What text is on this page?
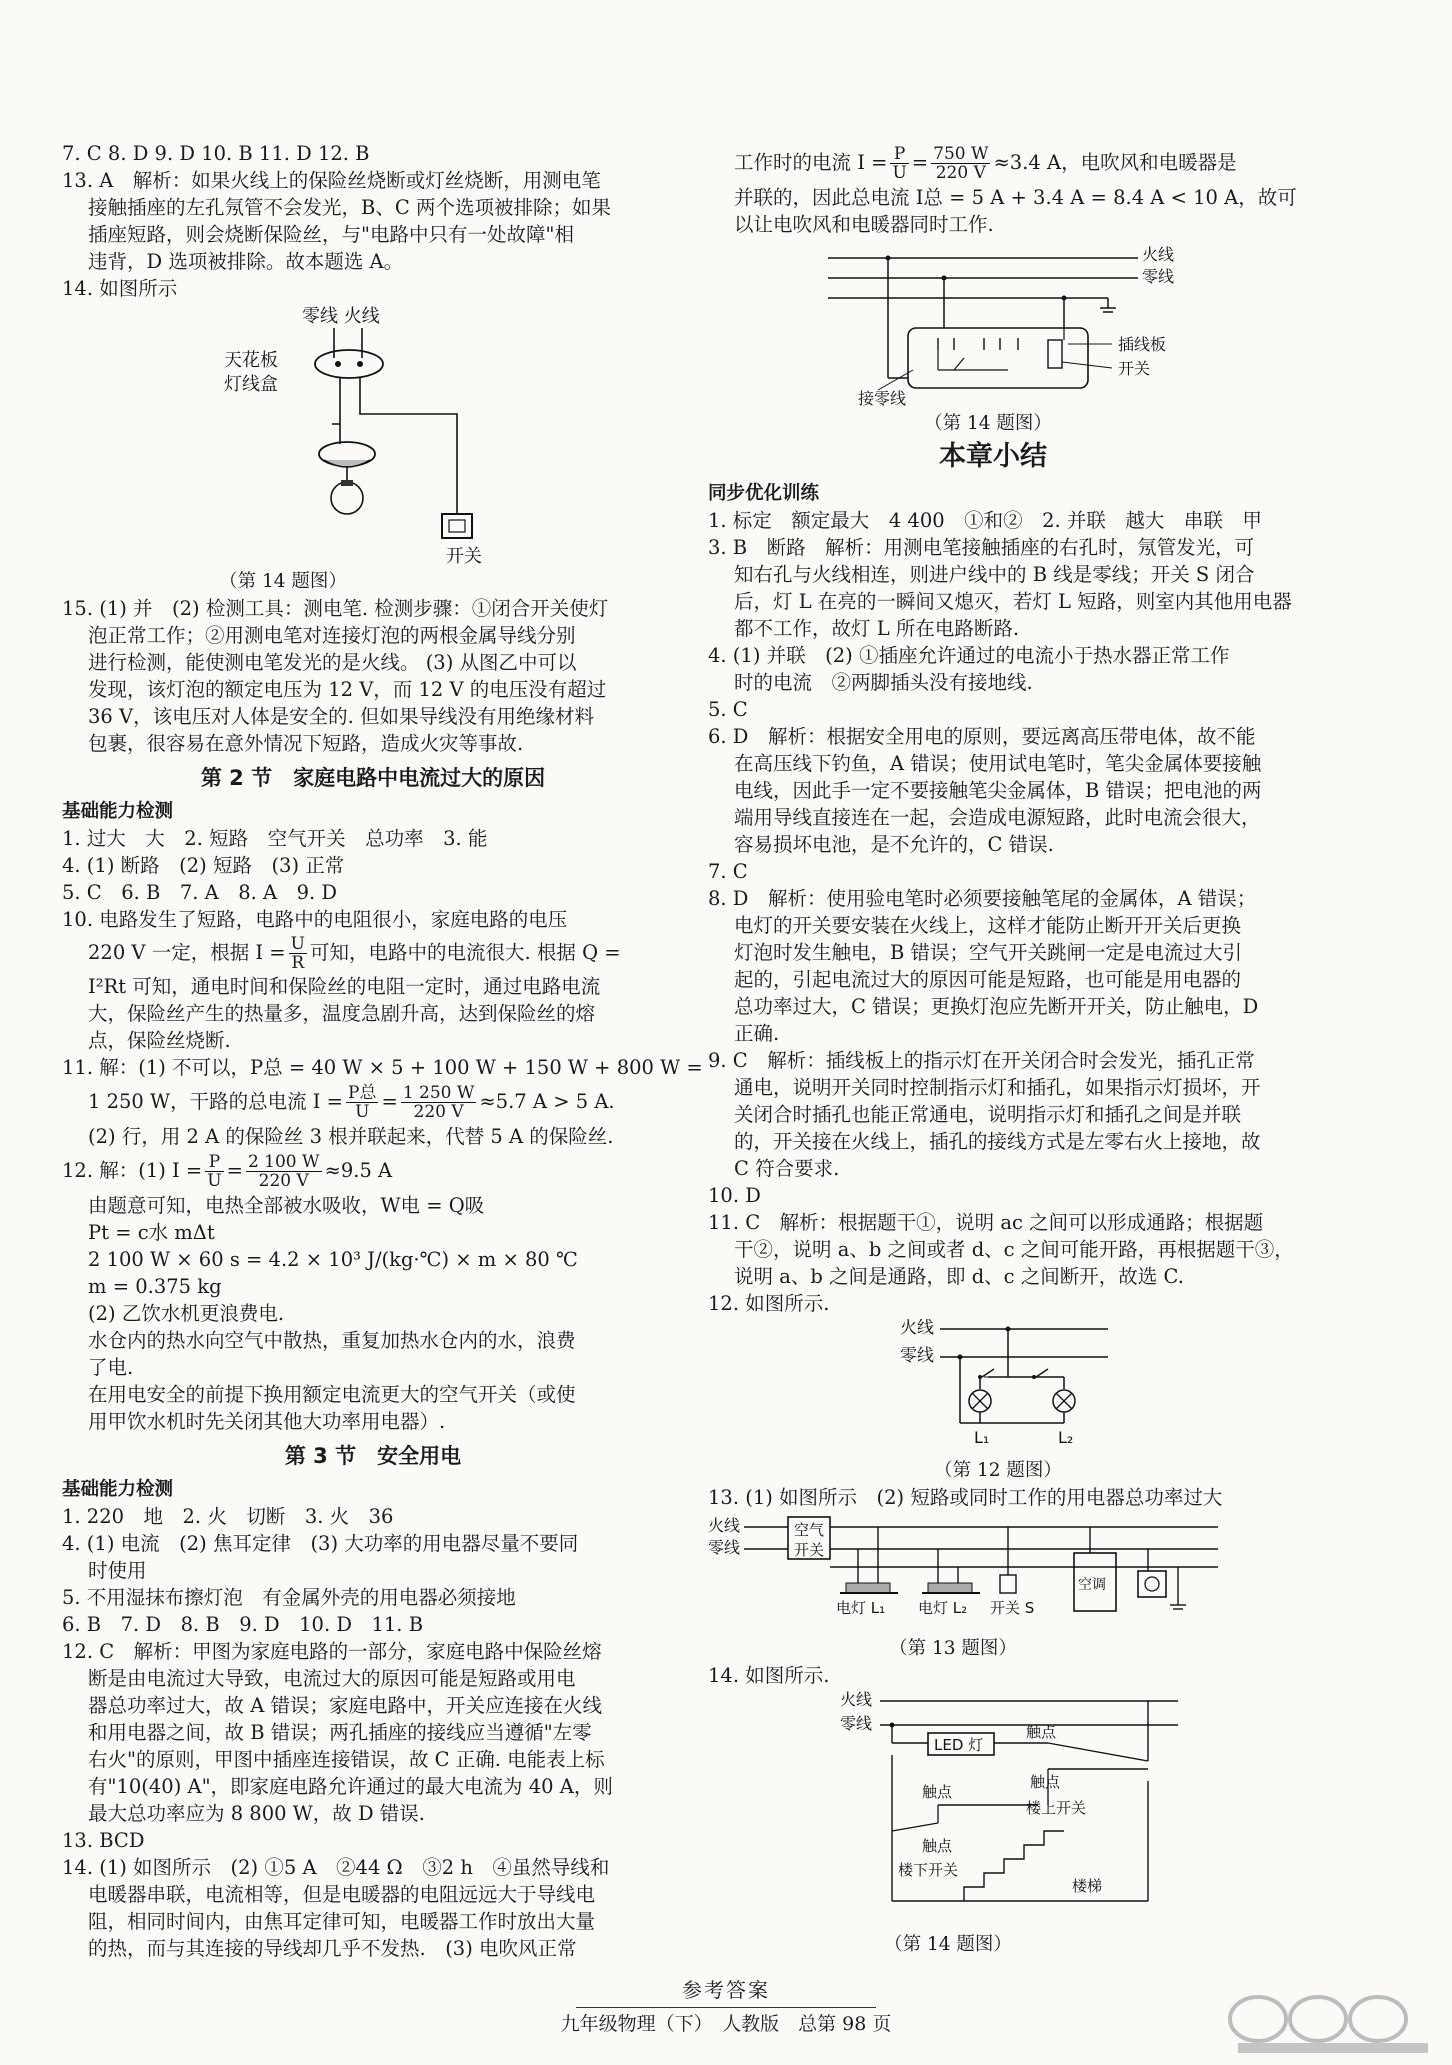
7. C 8. D 9. D 10. B 11. D 12. B
13. A　解析：如果火线上的保险丝烧断或灯丝烧断，用测电笔
接触插座的左孔氖管不会发光，B、C 两个选项被排除；如果
插座短路，则会烧断保险丝，与"电路中只有一处故障"相
违背，D 选项被排除。故本题选 A。
14. 如图所示
零线 火线
天花板
灯线盒
开关
（第 14 题图）
15. (1) 并　(2) 检测工具：测电笔. 检测步骤：①闭合开关使灯
泡正常工作；②用测电笔对连接灯泡的两根金属导线分别
进行检测，能使测电笔发光的是火线。 (3) 从图乙中可以
发现，该灯泡的额定电压为 12 V，而 12 V 的电压没有超过
36 V，该电压对人体是安全的. 但如果导线没有用绝缘材料
包裹，很容易在意外情况下短路，造成火灾等事故.
第 2 节　家庭电路中电流过大的原因
基础能力检测
1. 过大　大　2. 短路　空气开关　总功率　3. 能
4. (1) 断路　(2) 短路　(3) 正常
5. C　6. B　7. A　8. A　9. D
10. 电路发生了短路，电路中的电阻很小，家庭电路的电压
220 V 一定，根据 $I = \frac{U}{R}$ 可知，电路中的电流很大. 根据 Q =
I²Rt 可知，通电时间和保险丝的电阻一定时，通过电路电流
大，保险丝产生的热量多，温度急剧升高，达到保险丝的熔
点，保险丝烧断.
11. 解：(1) 不可以，P总 = 40 W × 5 + 100 W + 150 W + 800 W =
1 250 W，干路的总电流 $I = \frac{\text{P总}}{U} = \frac{1 250 W}{220 V} \approx 5.7$ A > 5 A.
(2) 行，用 2 A 的保险丝 3 根并联起来，代替 5 A 的保险丝.
12. 解：(1) $I = \frac{P}{U} = \frac{2 100 W}{220 V} \approx 9.5$ A
由题意可知，电热全部被水吸收，W电 = Q吸
Pt = c水 mΔt
2 100 W × 60 s = 4.2 × 10³ J/(kg·℃) × m × 80 ℃
m = 0.375 kg
(2) 乙饮水机更浪费电.
水仓内的热水向空气中散热，重复加热水仓内的水，浪费
了电.
在用电安全的前提下换用额定电流更大的空气开关（或使
用甲饮水机时先关闭其他大功率用电器）.
第 3 节　安全用电
基础能力检测
1. 220　地　2. 火　切断　3. 火　36
4. (1) 电流　(2) 焦耳定律　(3) 大功率的用电器尽量不要同
时使用
5. 不用湿抹布擦灯泡　有金属外壳的用电器必须接地
6. B　7. D　8. B　9. D　10. D　11. B
12. C　解析：甲图为家庭电路的一部分，家庭电路中保险丝熔
断是由电流过大导致，电流过大的原因可能是短路或用电
器总功率过大，故 A 错误；家庭电路中，开关应连接在火线
和用电器之间，故 B 错误；两孔插座的接线应当遵循"左零
右火"的原则，甲图中插座连接错误，故 C 正确. 电能表上标
有"10(40) A"，即家庭电路允许通过的最大电流为 40 A，则
最大总功率应为 8 800 W，故 D 错误.
13. BCD
14. (1) 如图所示　(2) ①5 A　②44 Ω　③2 h　④虽然导线和
电暖器串联，电流相等，但是电暖器的电阻远远大于导线电
阻，相同时间内，由焦耳定律可知，电暖器工作时放出大量
的热，而与其连接的导线却几乎不发热.　(3) 电吹风正常
工作时的电流 $I = \frac{P}{U} = \frac{750 W}{220 V} \approx 3.4$ A，电吹风和电暖器是
并联的，因此总电流 I总 = 5 A + 3.4 A = 8.4 A < 10 A，故可
以让电吹风和电暖器同时工作.
火线
零线
插线板
开关
接零线
（第 14 题图）
本章小结
同步优化训练
1. 标定　额定最大　4 400　①和②　2. 并联　越大　串联　甲
3. B　断路　解析：用测电笔接触插座的右孔时，氖管发光，可
知右孔与火线相连，则进户线中的 B 线是零线；开关 S 闭合
后，灯 L 在亮的一瞬间又熄灭，若灯 L 短路，则室内其他用电器
都不工作，故灯 L 所在电路断路.
4. (1) 并联　(2) ①插座允许通过的电流小于热水器正常工作
时的电流　②两脚插头没有接地线.
5. C
6. D　解析：根据安全用电的原则，要远离高压带电体，故不能
在高压线下钓鱼，A 错误；使用试电笔时，笔尖金属体要接触
电线，因此手一定不要接触笔尖金属体，B 错误；把电池的两
端用导线直接连在一起，会造成电源短路，此时电流会很大，
容易损坏电池，是不允许的，C 错误.
7. C
8. D　解析：使用验电笔时必须要接触笔尾的金属体，A 错误；
电灯的开关要安装在火线上，这样才能防止断开开关后更换
灯泡时发生触电，B 错误；空气开关跳闸一定是电流过大引
起的，引起电流过大的原因可能是短路，也可能是用电器的
总功率过大，C 错误；更换灯泡应先断开开关，防止触电，D
正确.
9. C　解析：插线板上的指示灯在开关闭合时会发光，插孔正常
通电，说明开关同时控制指示灯和插孔，如果指示灯损坏，开
关闭合时插孔也能正常通电，说明指示灯和插孔之间是并联
的，开关接在火线上，插孔的接线方式是左零右火上接地，故
C 符合要求.
10. D
11. C　解析：根据题干①，说明 ac 之间可以形成通路；根据题
干②，说明 a、b 之间或者 d、c 之间可能开路，再根据题干③，
说明 a、b 之间是通路，即 d、c 之间断开，故选 C.
12. 如图所示.
火线
零线
L₁	L₂
（第 12 题图）
13. (1) 如图所示　(2) 短路或同时工作的用电器总功率过大
火线
零线
空气
开关
电灯 L₁ 电灯 L₂ 开关 S
空调
（第 13 题图）
14. 如图所示.
火线
零线
LED 灯
触点
触点
触点
楼上开关
触点
楼下开关
楼梯
（第 14 题图）
参考答案
九年级物理（下）　人教版　总第 98 页
